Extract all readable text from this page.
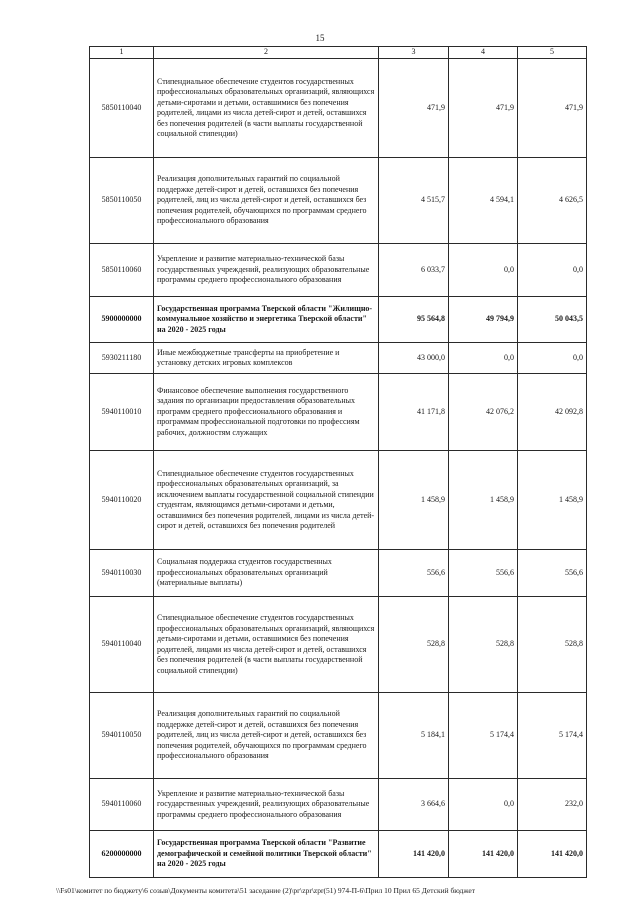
15
1	2	3	4	5
5850110040	Стипендиальное обеспечение студентов государственных профессиональных образовательных организаций, являющихся детьми-сиротами и детьми, оставшимися без попечения родителей, лицами из числа детей-сирот и детей, оставшихся без попечения родителей (в части выплаты государственной социальной стипендии)	471,9	471,9	471,9
5850110050	Реализация дополнительных гарантий по социальной поддержке детей-сирот и детей, оставшихся без попечения родителей, лиц из числа детей-сирот и детей, оставшихся без попечения родителей, обучающихся по программам среднего профессионального образования	4 515,7	4 594,1	4 626,5
5850110060	Укрепление и развитие материально-технической базы государственных учреждений, реализующих образовательные программы среднего профессионального образования	6 033,7	0,0	0,0
5900000000	Государственная программа Тверской области "Жилищно-коммунальное хозяйство и энергетика Тверской области" на 2020 - 2025 годы	95 564,8	49 794,9	50 043,5
5930211180	Иные межбюджетные трансферты на приобретение и установку детских игровых комплексов	43 000,0	0,0	0,0
5940110010	Финансовое обеспечение выполнения государственного задания по организации предоставления образовательных программ среднего профессионального образования и программам профессиональной подготовки по профессиям рабочих, должностям служащих	41 171,8	42 076,2	42 092,8
5940110020	Стипендиальное обеспечение студентов государственных профессиональных образовательных организаций, за исключением выплаты государственной социальной стипендии студентам, являющимся детьми-сиротами и детьми, оставшимися без попечения родителей, лицами из числа детей-сирот и детей, оставшихся без попечения родителей	1 458,9	1 458,9	1 458,9
5940110030	Социальная поддержка студентов государственных профессиональных образовательных организаций (материальные выплаты)	556,6	556,6	556,6
5940110040	Стипендиальное обеспечение студентов государственных профессиональных образовательных организаций, являющихся детьми-сиротами и детьми, оставшимися без попечения родителей, лицами из числа детей-сирот и детей, оставшихся без попечения родителей (в части выплаты государственной социальной стипендии)	528,8	528,8	528,8
5940110050	Реализация дополнительных гарантий по социальной поддержке детей-сирот и детей, оставшихся без попечения родителей, лиц из числа детей-сирот и детей, оставшихся без попечения родителей, обучающихся по программам среднего профессионального образования	5 184,1	5 174,4	5 174,4
5940110060	Укрепление и развитие материально-технической базы государственных учреждений, реализующих образовательные программы среднего профессионального образования	3 664,6	0,0	232,0
6200000000	Государственная программа Тверской области "Развитие демографической и семейной политики Тверской области" на 2020 - 2025 годы	141 420,0	141 420,0	141 420,0
\\Fs01\комитет по бюджету\6 созыв\Документы комитета\51 заседание (2)\рг\zpr\zpr(51) 974-П-6\Прил 10 Прил 65 Детский бюджет
